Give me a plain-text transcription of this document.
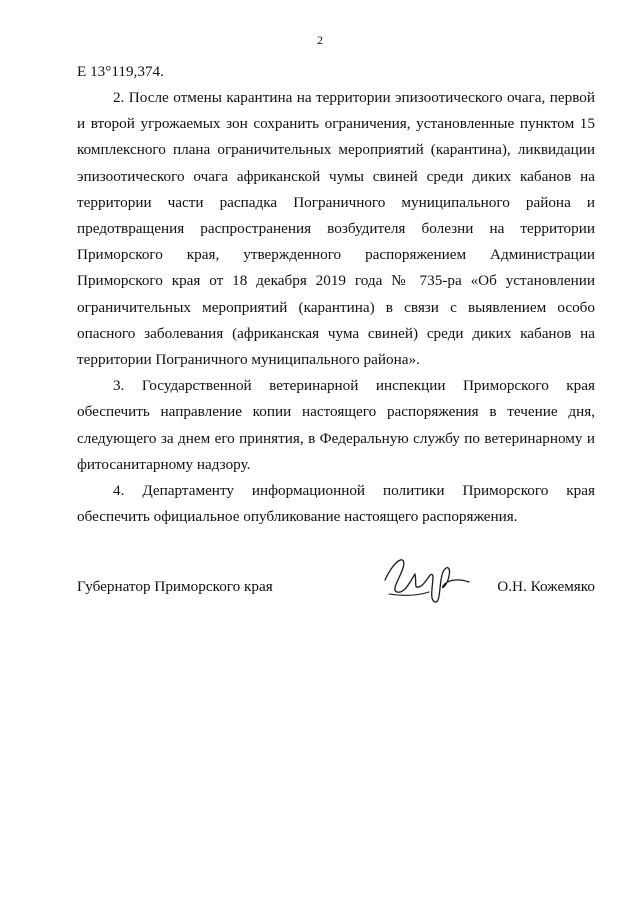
2
Е 13°119,374.

2. После отмены карантина на территории эпизоотического очага, первой и второй угрожаемых зон сохранить ограничения, установленные пунктом 15 комплексного плана ограничительных мероприятий (карантина), ликвидации эпизоотического очага африканской чумы свиней среди диких кабанов на территории части распадка Пограничного муниципального района и предотвращения распространения возбудителя болезни на территории Приморского края, утвержденного распоряжением Администрации Приморского края от 18 декабря 2019 года № 735-ра «Об установлении ограничительных мероприятий (карантина) в связи с выявлением особо опасного заболевания (африканская чума свиней) среди диких кабанов на территории Пограничного муниципального района».

3. Государственной ветеринарной инспекции Приморского края обеспечить направление копии настоящего распоряжения в течение дня, следующего за днем его принятия, в Федеральную службу по ветеринарному и фитосанитарному надзору.

4. Департаменту информационной политики Приморского края обеспечить официальное опубликование настоящего распоряжения.

Губернатор Приморского края	О.Н. Кожемяко
